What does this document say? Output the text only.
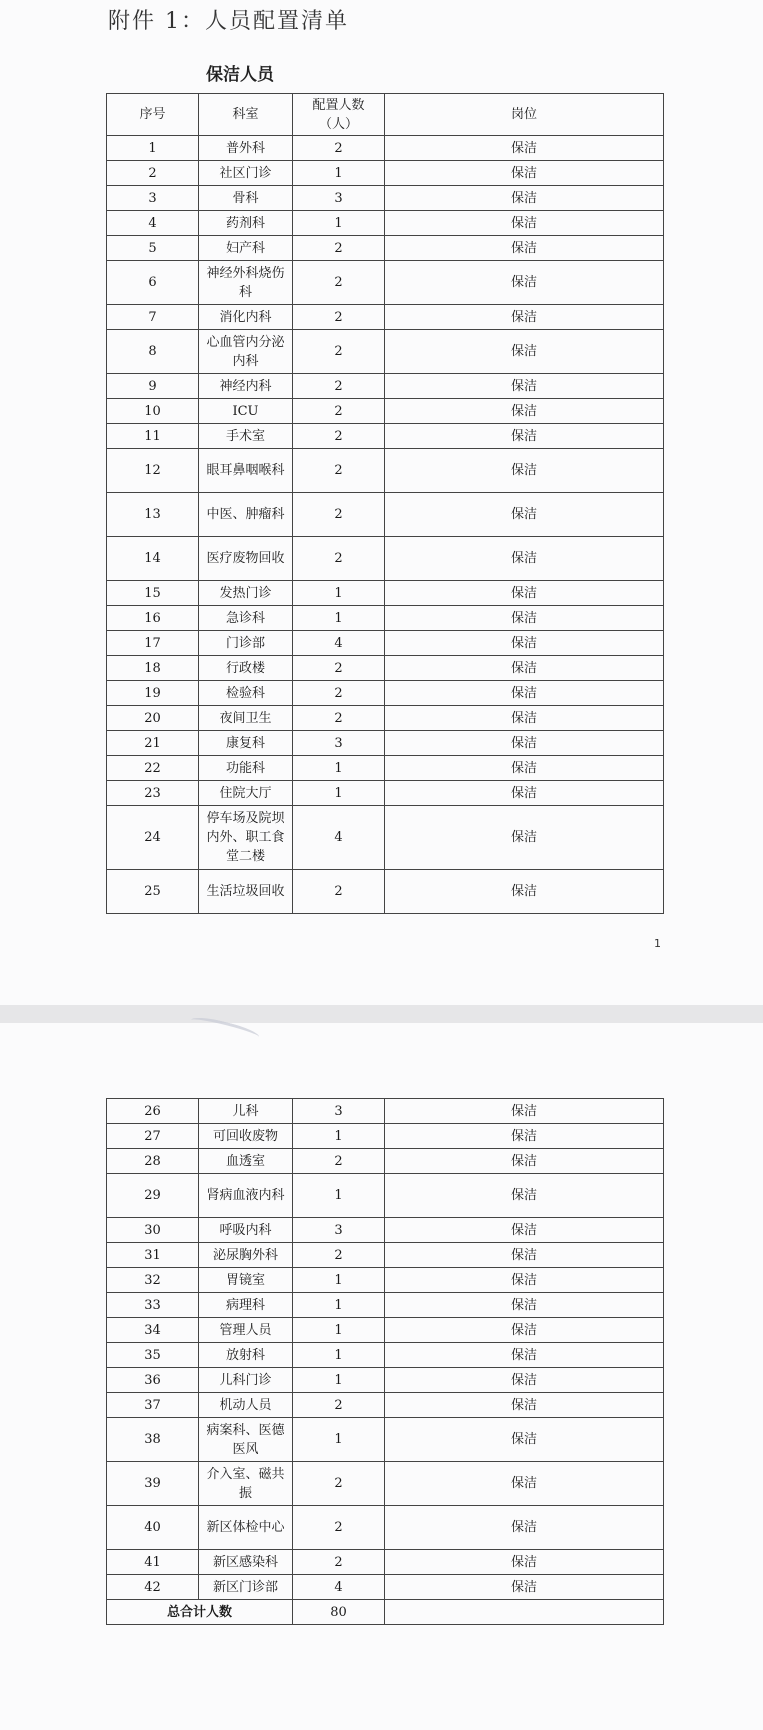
附件 1：人员配置清单
保洁人员
序号	科室	配置人数（人）	岗位
1	普外科	2	保洁
2	社区门诊	1	保洁
3	骨科	3	保洁
4	药剂科	1	保洁
5	妇产科	2	保洁
6	神经外科烧伤科	2	保洁
7	消化内科	2	保洁
8	心血管内分泌内科	2	保洁
9	神经内科	2	保洁
10	ICU	2	保洁
11	手术室	2	保洁
12	眼耳鼻咽喉科	2	保洁
13	中医、肿瘤科	2	保洁
14	医疗废物回收	2	保洁
15	发热门诊	1	保洁
16	急诊科	1	保洁
17	门诊部	4	保洁
18	行政楼	2	保洁
19	检验科	2	保洁
20	夜间卫生	2	保洁
21	康复科	3	保洁
22	功能科	1	保洁
23	住院大厅	1	保洁
24	停车场及院坝内外、职工食堂二楼	4	保洁
25	生活垃圾回收	2	保洁
1
26	儿科	3	保洁
27	可回收废物	1	保洁
28	血透室	2	保洁
29	肾病血液内科	1	保洁
30	呼吸内科	3	保洁
31	泌尿胸外科	2	保洁
32	胃镜室	1	保洁
33	病理科	1	保洁
34	管理人员	1	保洁
35	放射科	1	保洁
36	儿科门诊	1	保洁
37	机动人员	2	保洁
38	病案科、医德医风	1	保洁
39	介入室、磁共振	2	保洁
40	新区体检中心	2	保洁
41	新区感染科	2	保洁
42	新区门诊部	4	保洁
总合计人数		80	
